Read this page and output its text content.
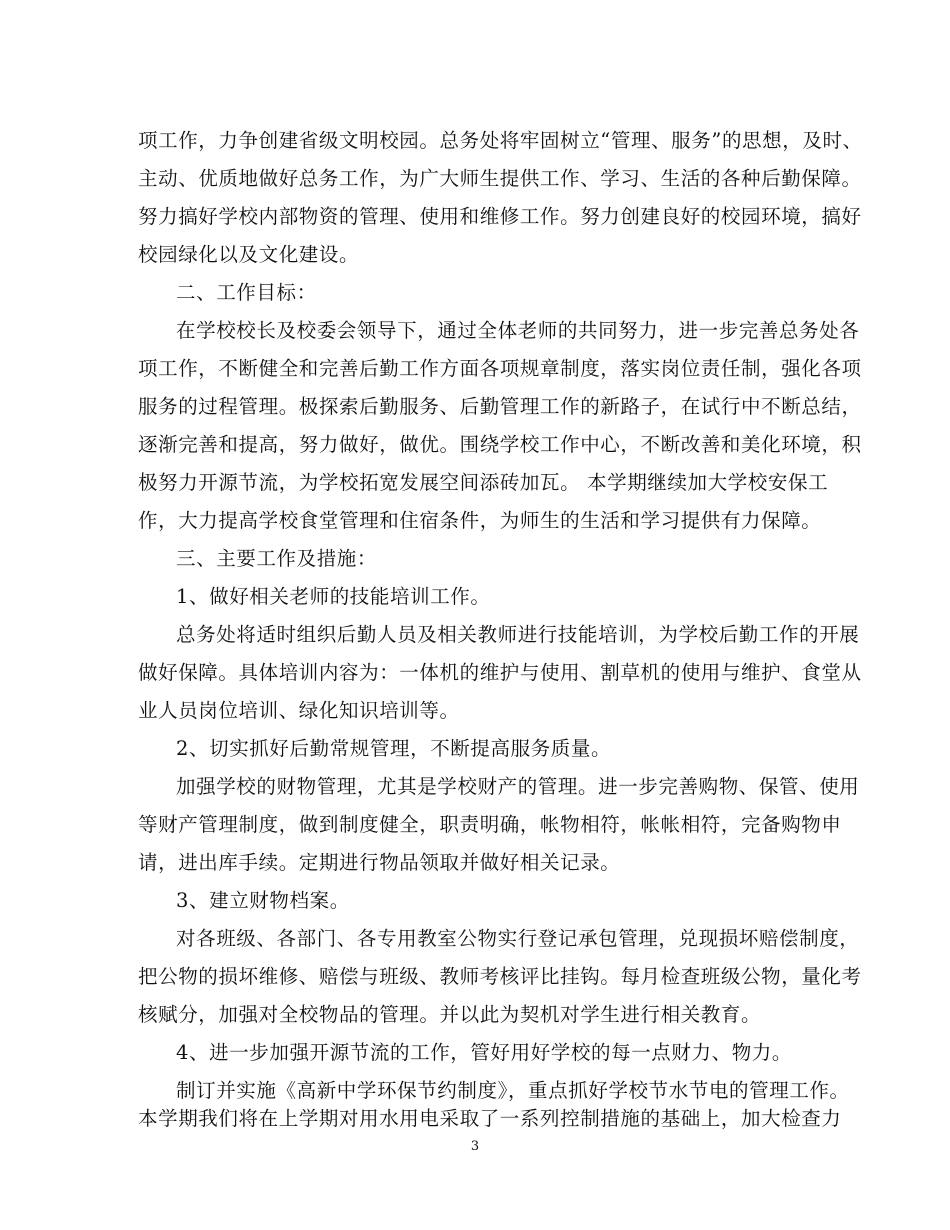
项工作，力争创建省级文明校园。总务处将牢固树立“管理、服务”的思想，及时、
主动、优质地做好总务工作，为广大师生提供工作、学习、生活的各种后勤保障。
努力搞好学校内部物资的管理、使用和维修工作。努力创建良好的校园环境，搞好
校园绿化以及文化建设。
二、工作目标：
在学校校长及校委会领导下，通过全体老师的共同努力，进一步完善总务处各
项工作，不断健全和完善后勤工作方面各项规章制度，落实岗位责任制，强化各项
服务的过程管理。极探索后勤服务、后勤管理工作的新路子，在试行中不断总结，
逐渐完善和提高，努力做好，做优。围绕学校工作中心，不断改善和美化环境，积
极努力开源节流，为学校拓宽发展空间添砖加瓦。 本学期继续加大学校安保工
作，大力提高学校食堂管理和住宿条件，为师生的生活和学习提供有力保障。
三、主要工作及措施：
1、做好相关老师的技能培训工作。
总务处将适时组织后勤人员及相关教师进行技能培训，为学校后勤工作的开展
做好保障。具体培训内容为：一体机的维护与使用、割草机的使用与维护、食堂从
业人员岗位培训、绿化知识培训等。
2、切实抓好后勤常规管理，不断提高服务质量。
加强学校的财物管理，尤其是学校财产的管理。进一步完善购物、保管、使用
等财产管理制度，做到制度健全，职责明确，帐物相符，帐帐相符，完备购物申
请，进出库手续。定期进行物品领取并做好相关记录。
3、建立财物档案。
对各班级、各部门、各专用教室公物实行登记承包管理，兑现损坏赔偿制度，
把公物的损坏维修、赔偿与班级、教师考核评比挂钩。每月检查班级公物，量化考
核赋分，加强对全校物品的管理。并以此为契机对学生进行相关教育。
4、进一步加强开源节流的工作，管好用好学校的每一点财力、物力。
制订并实施《高新中学环保节约制度》，重点抓好学校节水节电的管理工作。
本学期我们将在上学期对用水用电采取了一系列控制措施的基础上，加大检查力
3
